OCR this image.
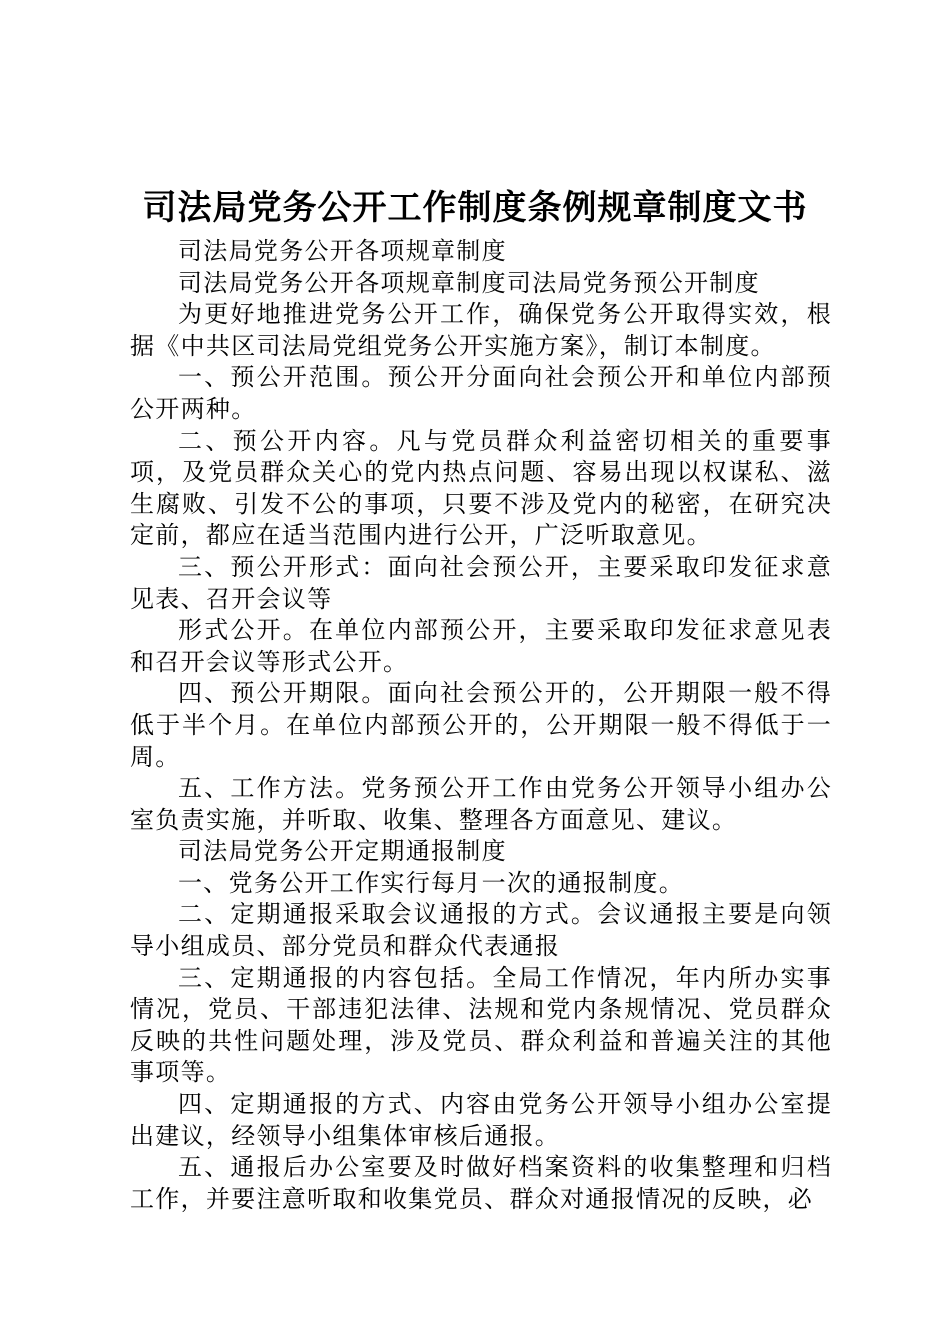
司法局党务公开工作制度条例规章制度文书

司法局党务公开各项规章制度

司法局党务公开各项规章制度司法局党务预公开制度

为更好地推进党务公开工作，确保党务公开取得实效，根据《中共区司法局党组党务公开实施方案》，制订本制度。

一、预公开范围。预公开分面向社会预公开和单位内部预公开两种。

二、预公开内容。凡与党员群众利益密切相关的重要事项，及党员群众关心的党内热点问题、容易出现以权谋私、滋生腐败、引发不公的事项，只要不涉及党内的秘密，在研究决定前，都应在适当范围内进行公开，广泛听取意见。

三、预公开形式：面向社会预公开，主要采取印发征求意见表、召开会议等

形式公开。在单位内部预公开，主要采取印发征求意见表和召开会议等形式公开。

四、预公开期限。面向社会预公开的，公开期限一般不得低于半个月。在单位内部预公开的，公开期限一般不得低于一周。

五、工作方法。党务预公开工作由党务公开领导小组办公室负责实施，并听取、收集、整理各方面意见、建议。

司法局党务公开定期通报制度

一、党务公开工作实行每月一次的通报制度。

二、定期通报采取会议通报的方式。会议通报主要是向领导小组成员、部分党员和群众代表通报

三、定期通报的内容包括。全局工作情况，年内所办实事情况，党员、干部违犯法律、法规和党内条规情况、党员群众反映的共性问题处理，涉及党员、群众利益和普遍关注的其他事项等。

四、定期通报的方式、内容由党务公开领导小组办公室提出建议，经领导小组集体审核后通报。

五、通报后办公室要及时做好档案资料的收集整理和归档工作，并要注意听取和收集党员、群众对通报情况的反映，必
